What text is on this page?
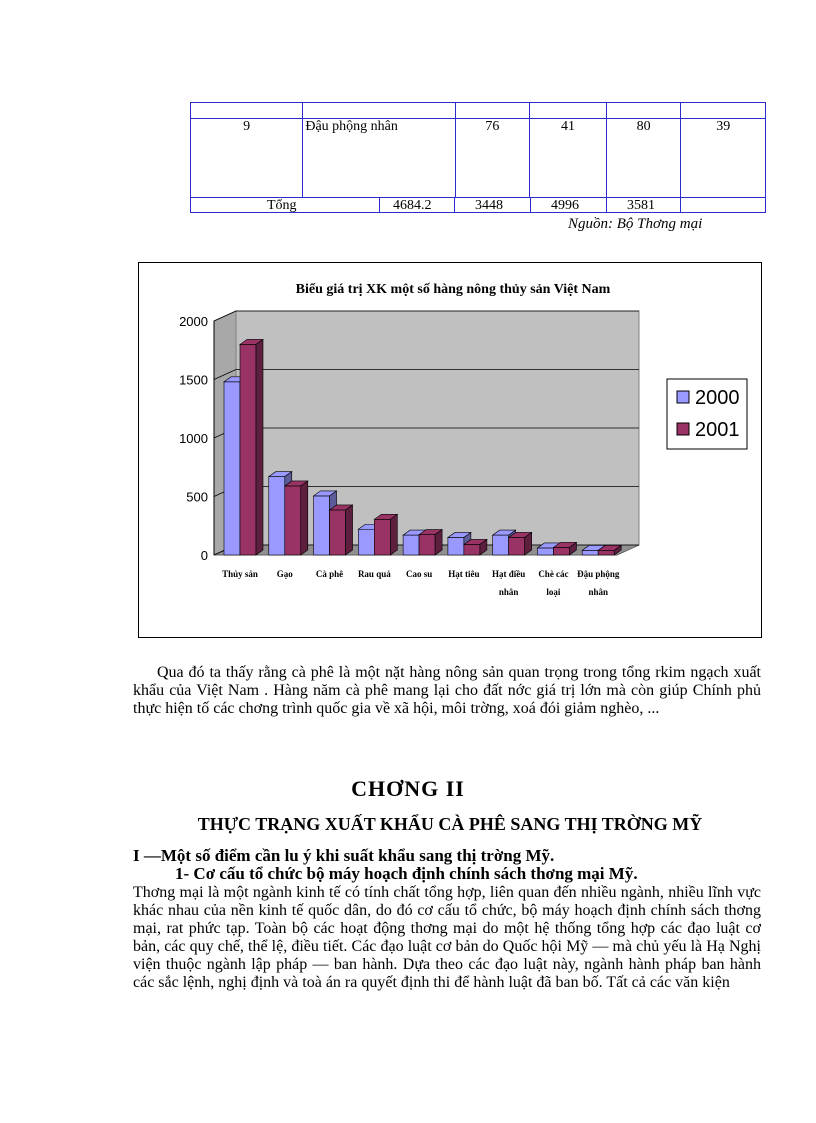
9	Đậu phộng nhân	76	41	80	39
Tổng	4684.2	3448	4996	3581
Nguồn: Bộ Thơng mại
Biểu giá trị XK một số hàng nông thủy sản Việt Nam
0
500
1000
1500
2000
Thủy sản Gạo	Cà phê Rau quả Cao su Hạt tiêu Hạt điều nhân
Chè các loại
Đậu phộng nhân
2000
2001
Qua đó ta thấy rằng cà phê là một nặt hàng nông sản quan trọng trong tổng rkim ngạch xuất khẩu của Việt Nam . Hàng năm cà phê mang lại cho đất nớc giá trị lớn mà còn giúp Chính phủ thực hiện tố các chơng trình quốc gia về xã hội, môi trờng, xoá đói giảm nghèo, ...
CHƠNG II
THỰC TRẠNG XUẤT KHẨU CÀ PHÊ SANG THỊ TRỜNG MỸ
I —Một số điểm cần lu ý khi suất khẩu sang thị trờng Mỹ.
1- Cơ cấu tổ chức bộ máy hoạch định chính sách thơng mại Mỹ.
Thơng mại là một ngành kinh tế có tính chất tổng hợp, liên quan đến nhiều ngành, nhiều lĩnh vực khác nhau của nền kinh tế quốc dân, do đó cơ cấu tổ chức, bộ máy hoạch định chính sách thơng mại, rat phức tạp. Toàn bộ các hoạt động thơng mại do một hệ thống tổng hợp các đạo luật cơ bản, các quy chế, thể lệ, điều tiết. Các đạo luật cơ bản do Quốc hội Mỹ — mà chủ yếu là Hạ Nghị viện thuộc ngành lập pháp — ban hành. Dựa theo các đạo luật này, ngành hành pháp ban hành các sắc lệnh, nghị định và toà án ra quyết định thi để hành luật đã ban bố. Tất cả các văn kiện
